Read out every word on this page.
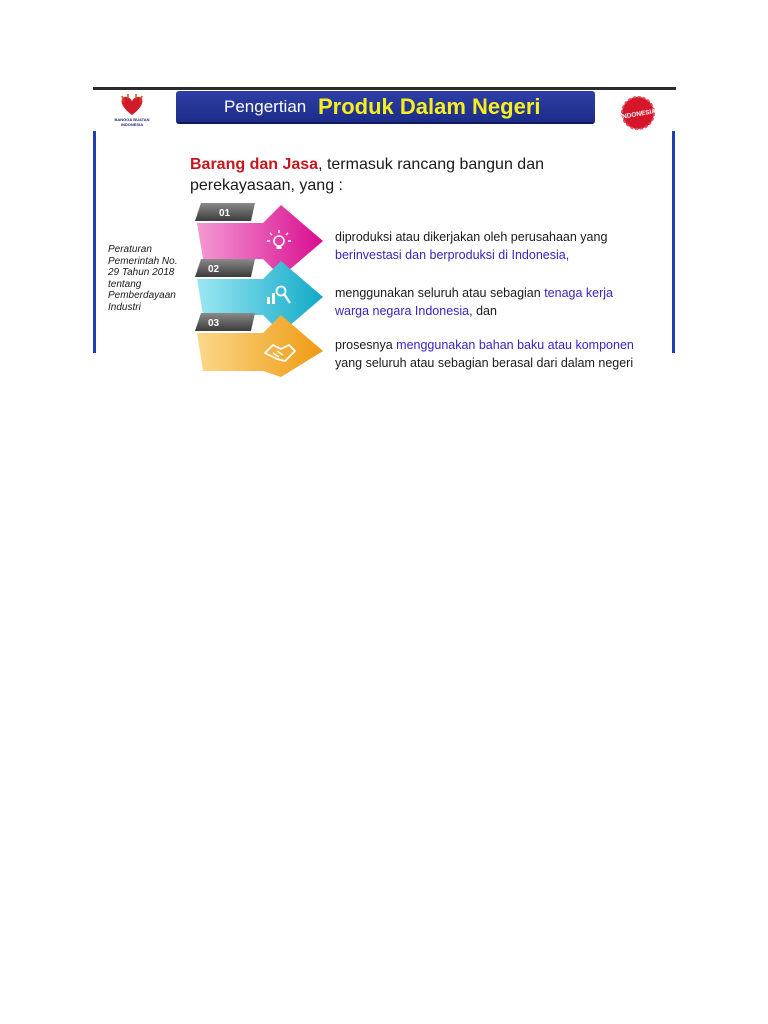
BANGGA BUATAN INDONESIA
Pengertian Produk Dalam Negeri	INDONESIA
Barang dan Jasa, termasuk rancang bangun dan
perekayasaan, yang :
Peraturan
Pemerintah No.
29 Tahun 2018
tentang
Pemberdayaan
Industri
01
02
03
diproduksi atau dikerjakan oleh perusahaan yang
berinvestasi dan berproduksi di Indonesia,
menggunakan seluruh atau sebagian tenaga kerja
warga negara Indonesia, dan
prosesnya menggunakan bahan baku atau komponen
yang seluruh atau sebagian berasal dari dalam negeri
